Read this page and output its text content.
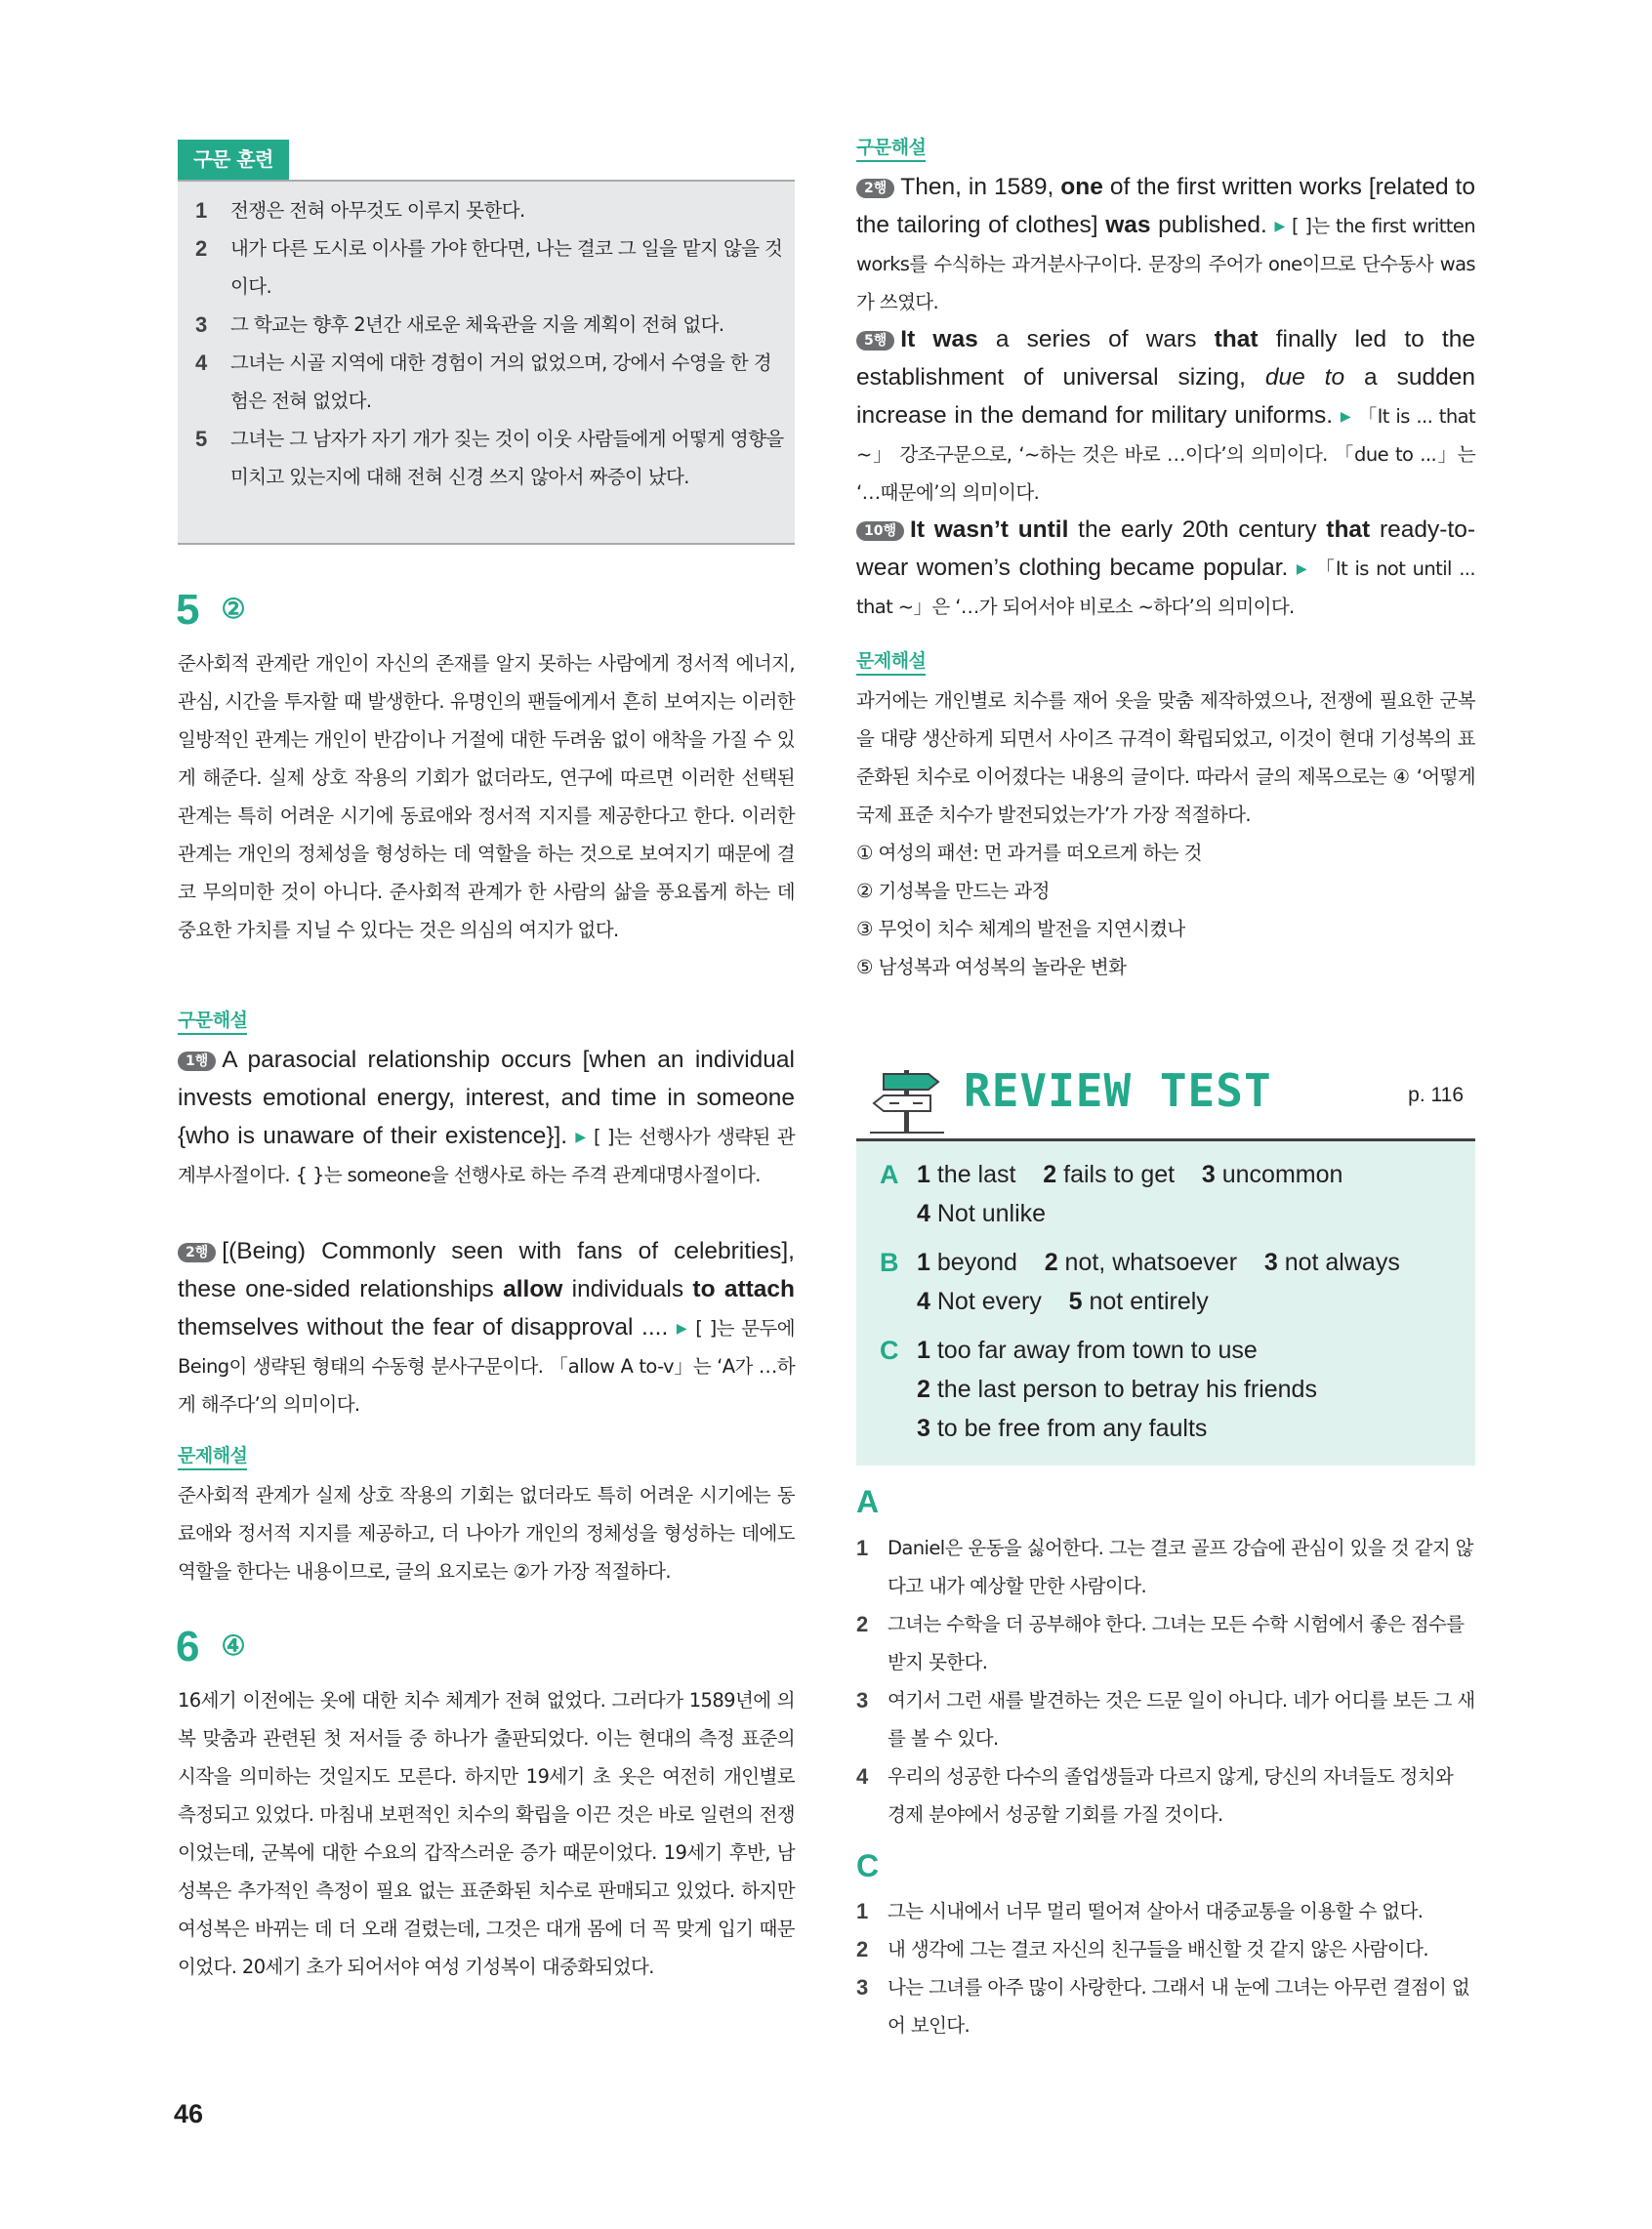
구문 훈련
1	전쟁은 전혀 아무것도 이루지 못한다.
2	내가 다른 도시로 이사를 가야 한다면, 나는 결코 그 일을 맡지 않을 것이다.
3	그 학교는 향후 2년간 새로운 체육관을 지을 계획이 전혀 없다.
4	그녀는 시골 지역에 대한 경험이 거의 없었으며, 강에서 수영을 한 경험은 전혀 없었다.
5	그녀는 그 남자가 자기 개가 짖는 것이 이웃 사람들에게 어떻게 영향을 미치고 있는지에 대해 전혀 신경 쓰지 않아서 짜증이 났다.
5 ②
준사회적 관계란 개인이 자신의 존재를 알지 못하는 사람에게 정서적 에너지, 관심, 시간을 투자할 때 발생한다. 유명인의 팬들에게서 흔히 보여지는 이러한 일방적인 관계는 개인이 반감이나 거절에 대한 두려움 없이 애착을 가질 수 있게 해준다. 실제 상호 작용의 기회가 없더라도, 연구에 따르면 이러한 선택된 관계는 특히 어려운 시기에 동료애와 정서적 지지를 제공한다고 한다. 이러한 관계는 개인의 정체성을 형성하는 데 역할을 하는 것으로 보여지기 때문에 결코 무의미한 것이 아니다. 준사회적 관계가 한 사람의 삶을 풍요롭게 하는 데 중요한 가치를 지닐 수 있다는 것은 의심의 여지가 없다.
구문해설
1행 A parasocial relationship occurs [when an individual invests emotional energy, interest, and time in someone {who is unaware of their existence}]. ▶ [ ]는 선행사가 생략된 관계부사절이다. { }는 someone을 선행사로 하는 주격 관계대명사절이다.
2행 [(Being) Commonly seen with fans of celebrities], these one-sided relationships allow individuals to attach themselves without the fear of disapproval .... ▶ [ ]는 문두에 Being이 생략된 형태의 수동형 분사구문이다. 「allow A to-v」는 ‘A가 …하게 해주다’의 의미이다.
문제해설
준사회적 관계가 실제 상호 작용의 기회는 없더라도 특히 어려운 시기에는 동료애와 정서적 지지를 제공하고, 더 나아가 개인의 정체성을 형성하는 데에도 역할을 한다는 내용이므로, 글의 요지로는 ②가 가장 적절하다.
6 ④
16세기 이전에는 옷에 대한 치수 체계가 전혀 없었다. 그러다가 1589년에 의복 맞춤과 관련된 첫 저서들 중 하나가 출판되었다. 이는 현대의 측정 표준의 시작을 의미하는 것일지도 모른다. 하지만 19세기 초 옷은 여전히 개인별로 측정되고 있었다. 마침내 보편적인 치수의 확립을 이끈 것은 바로 일련의 전쟁이었는데, 군복에 대한 수요의 갑작스러운 증가 때문이었다. 19세기 후반, 남성복은 추가적인 측정이 필요 없는 표준화된 치수로 판매되고 있었다. 하지만 여성복은 바뀌는 데 더 오래 걸렸는데, 그것은 대개 몸에 더 꼭 맞게 입기 때문이었다. 20세기 초가 되어서야 여성 기성복이 대중화되었다.
46
구문해설
2행 Then, in 1589, one of the first written works [related to the tailoring of clothes] was published. ▶ [ ]는 the first written works를 수식하는 과거분사구이다. 문장의 주어가 one이므로 단수동사 was가 쓰였다.
5행 It was a series of wars that finally led to the establishment of universal sizing, due to a sudden increase in the demand for military uniforms. ▶ 「It is ... that ~」 강조구문으로, ‘~하는 것은 바로 …이다’의 의미이다. 「due to ...」는 ‘…때문에’의 의미이다.
10행 It wasn’t until the early 20th century that ready-to-wear women’s clothing became popular. ▶ 「It is not until ... that ~」은 ‘…가 되어서야 비로소 ~하다’의 의미이다.
문제해설
과거에는 개인별로 치수를 재어 옷을 맞춤 제작하였으나, 전쟁에 필요한 군복을 대량 생산하게 되면서 사이즈 규격이 확립되었고, 이것이 현대 기성복의 표준화된 치수로 이어졌다는 내용의 글이다. 따라서 글의 제목으로는 ④ ‘어떻게 국제 표준 치수가 발전되었는가’가 가장 적절하다.
① 여성의 패션: 먼 과거를 떠오르게 하는 것
② 기성복을 만드는 과정
③ 무엇이 치수 체계의 발전을 지연시켰나
⑤ 남성복과 여성복의 놀라운 변화
REVIEW TEST	p. 116
A 1 the last 2 fails to get 3 uncommon
4 Not unlike
B 1 beyond 2 not, whatsoever 3 not always
4 Not every 5 not entirely
C 1 too far away from town to use
2 the last person to betray his friends
3 to be free from any faults
A
1	Daniel은 운동을 싫어한다. 그는 결코 골프 강습에 관심이 있을 것 같지 않다고 내가 예상할 만한 사람이다.
2	그녀는 수학을 더 공부해야 한다. 그녀는 모든 수학 시험에서 좋은 점수를 받지 못한다.
3	여기서 그런 새를 발견하는 것은 드문 일이 아니다. 네가 어디를 보든 그 새를 볼 수 있다.
4	우리의 성공한 다수의 졸업생들과 다르지 않게, 당신의 자녀들도 정치와 경제 분야에서 성공할 기회를 가질 것이다.
C
1	그는 시내에서 너무 멀리 떨어져 살아서 대중교통을 이용할 수 없다.
2	내 생각에 그는 결코 자신의 친구들을 배신할 것 같지 않은 사람이다.
3	나는 그녀를 아주 많이 사랑한다. 그래서 내 눈에 그녀는 아무런 결점이 없어 보인다.
